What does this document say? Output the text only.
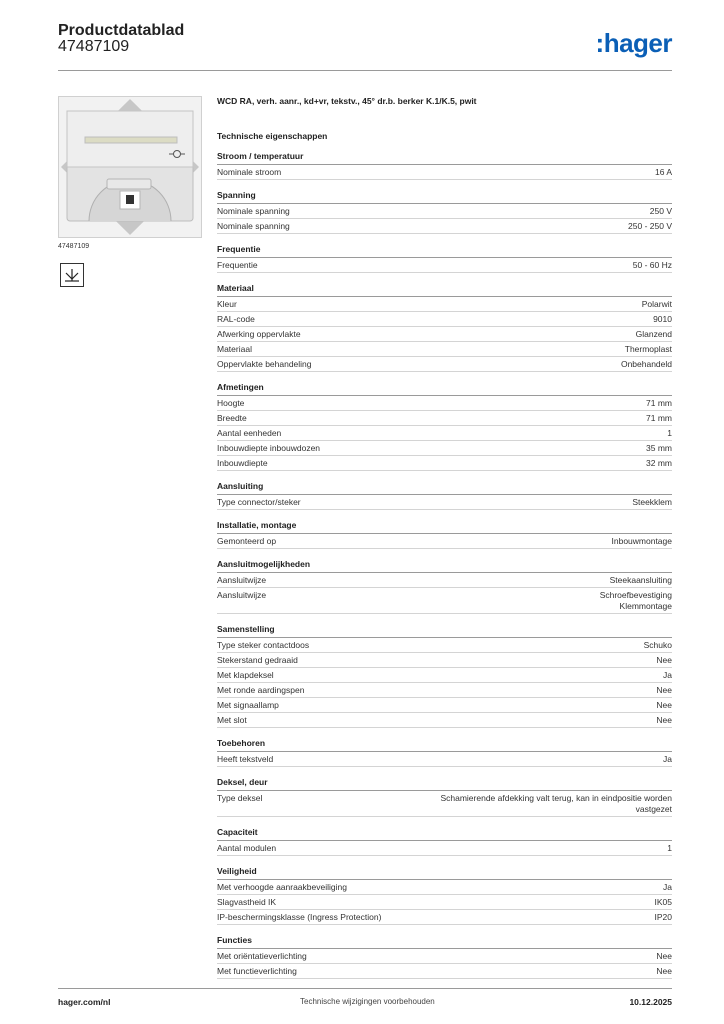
Productdatablad
47487109	:hager
47487109
WCD RA, verh. aanr., kd+vr, tekstv., 45° dr.b. berker K.1/K.5, pwit
Technische eigenschappen
Stroom / temperatuur
Nominale stroom	16 A
Spanning
Nominale spanning	250 V
Nominale spanning	250 - 250 V
Frequentie
Frequentie	50 - 60 Hz
Materiaal
Kleur	Polarwit
RAL-code	9010
Afwerking oppervlakte	Glanzend
Materiaal	Thermoplast
Oppervlakte behandeling	Onbehandeld
Afmetingen
Hoogte	71 mm
Breedte	71 mm
Aantal eenheden	1
Inbouwdiepte inbouwdozen	35 mm
Inbouwdiepte	32 mm
Aansluiting
Type connector/steker	Steekklem
Installatie, montage
Gemonteerd op	Inbouwmontage
Aansluitmogelijkheden
Aansluitwijze	Steekaansluiting
Aansluitwijze	Schroefbevestiging
Klemmontage
Samenstelling
Type steker contactdoos	Schuko
Stekerstand gedraaid	Nee
Met klapdeksel	Ja
Met ronde aardingspen	Nee
Met signaallamp	Nee
Met slot	Nee
Toebehoren
Heeft tekstveld	Ja
Deksel, deur
Type deksel	Schamierende afdekking valt terug, kan in eindpositie worden
vastgezet
Capaciteit
Aantal modulen	1
Veiligheid
Met verhoogde aanraakbeveiliging	Ja
Slagvastheid IK	IK05
IP-beschermingsklasse (Ingress Protection)	IP20
Functies
Met oriëntatieverlichting	Nee
Met functieverlichting	Nee
hager.com/nl	Technische wijzigingen voorbehouden	10.12.2025
